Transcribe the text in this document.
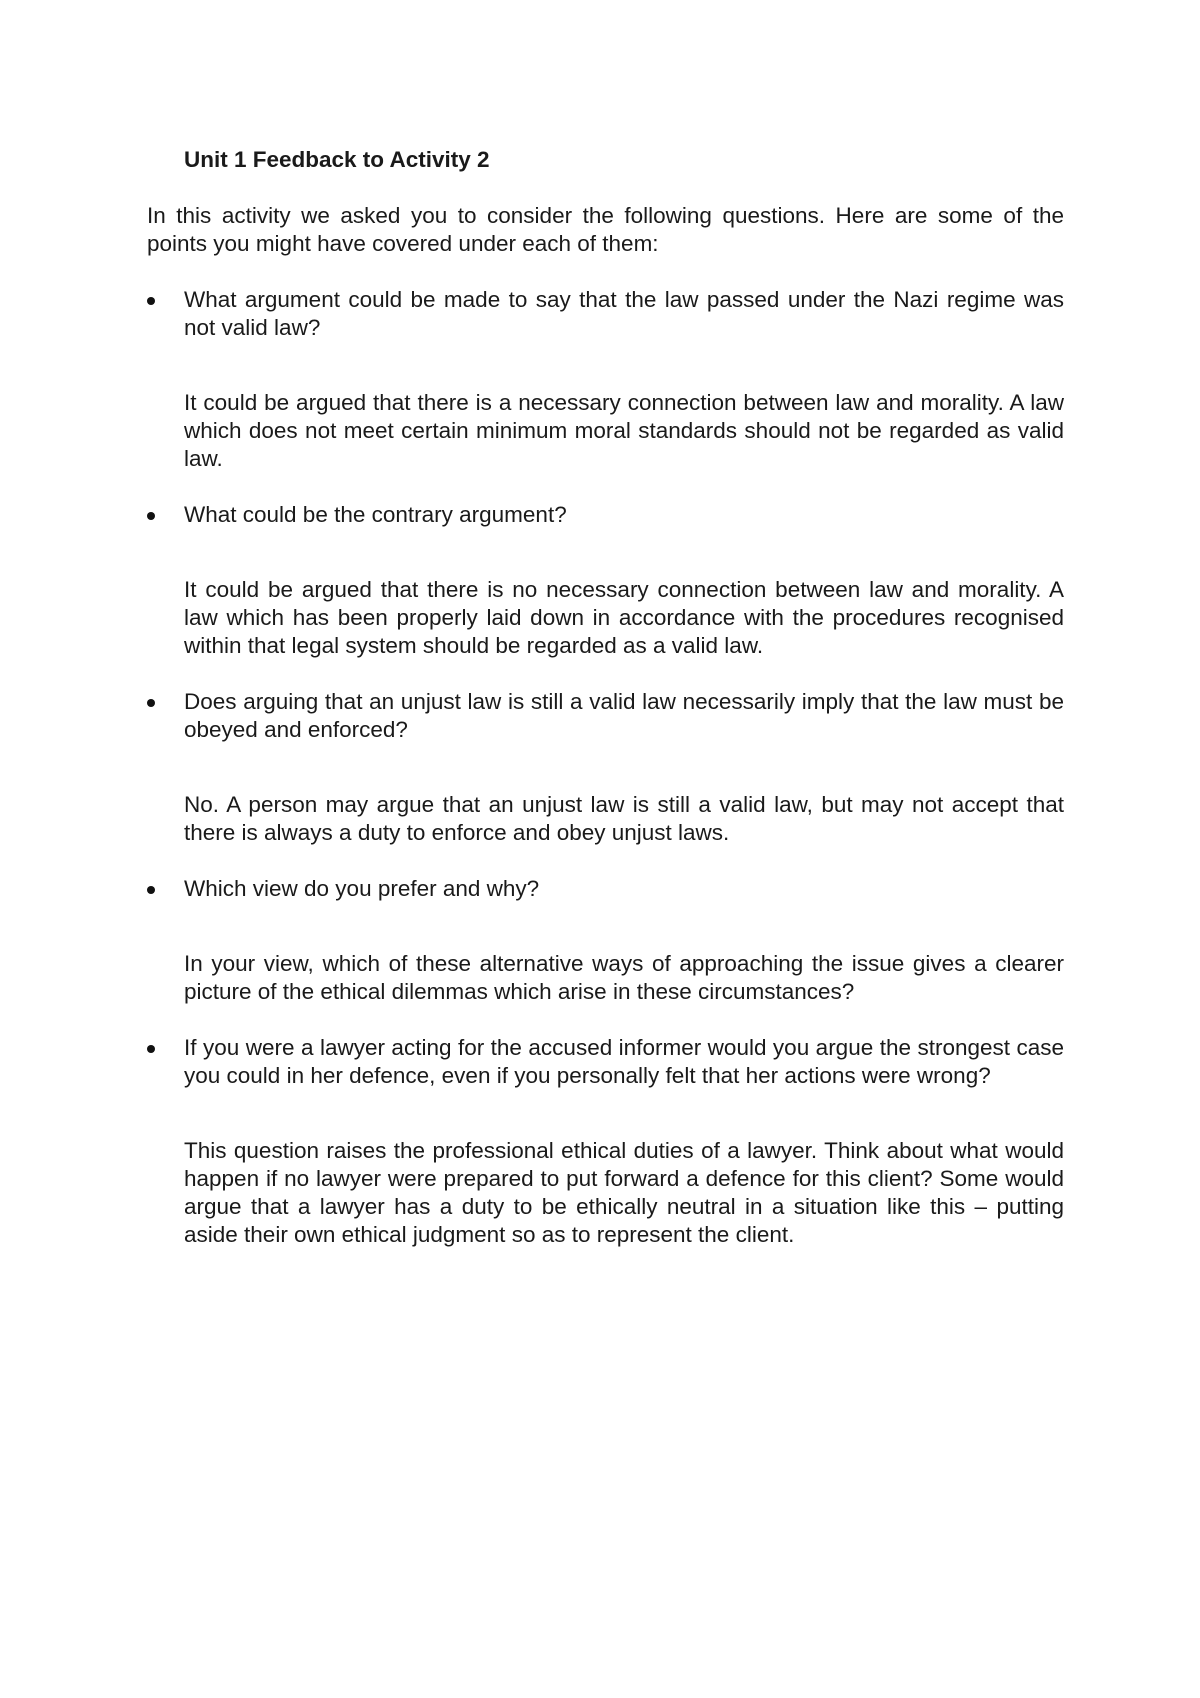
Unit 1 Feedback to Activity 2

In this activity we asked you to consider the following questions. Here are some of the points you might have covered under each of them:

What argument could be made to say that the law passed under the Nazi regime was not valid law?

It could be argued that there is a necessary connection between law and morality. A law which does not meet certain minimum moral standards should not be regarded as valid law.

What could be the contrary argument?

It could be argued that there is no necessary connection between law and morality. A law which has been properly laid down in accordance with the procedures recognised within that legal system should be regarded as a valid law.

Does arguing that an unjust law is still a valid law necessarily imply that the law must be obeyed and enforced?

No. A person may argue that an unjust law is still a valid law, but may not accept that there is always a duty to enforce and obey unjust laws.

Which view do you prefer and why?

In your view, which of these alternative ways of approaching the issue gives a clearer picture of the ethical dilemmas which arise in these circumstances?

If you were a lawyer acting for the accused informer would you argue the strongest case you could in her defence, even if you personally felt that her actions were wrong?

This question raises the professional ethical duties of a lawyer. Think about what would happen if no lawyer were prepared to put forward a defence for this client? Some would argue that a lawyer has a duty to be ethically neutral in a situation like this – putting aside their own ethical judgment so as to represent the client.
